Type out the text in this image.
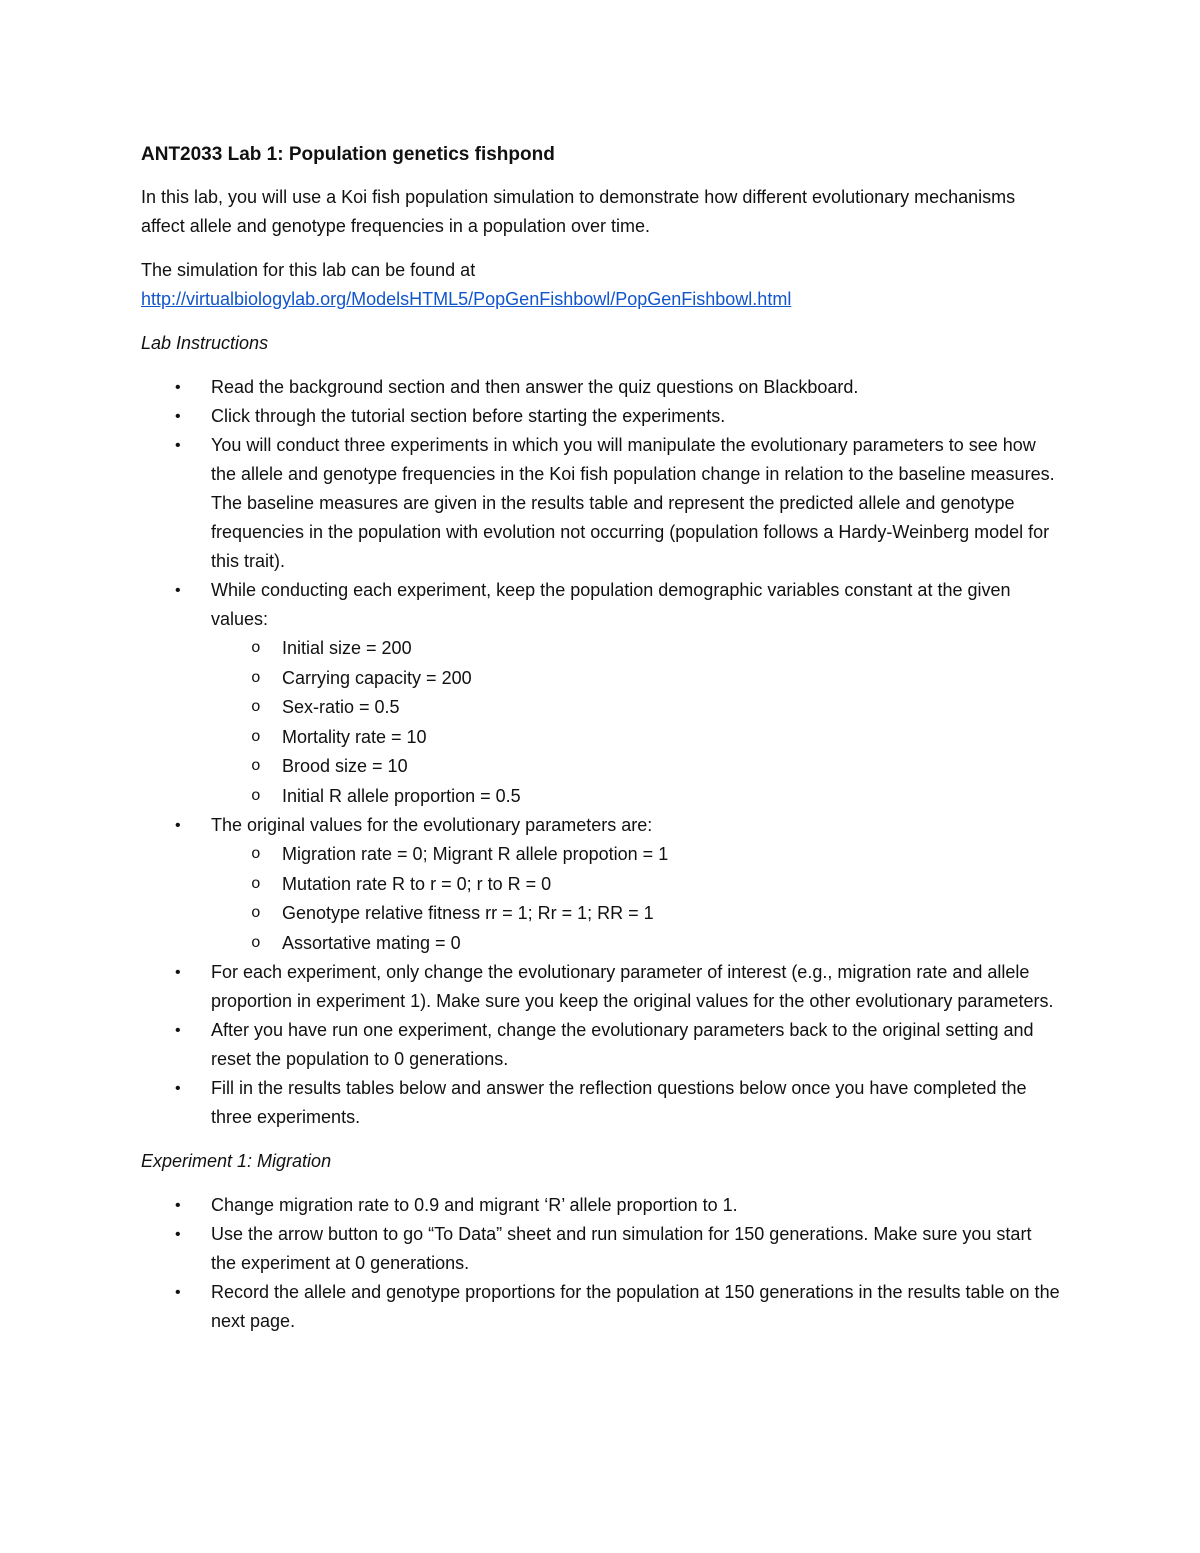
ANT2033 Lab 1: Population genetics fishpond

In this lab, you will use a Koi fish population simulation to demonstrate how different evolutionary mechanisms affect allele and genotype frequencies in a population over time.

The simulation for this lab can be found at
http://virtualbiologylab.org/ModelsHTML5/PopGenFishbowl/PopGenFishbowl.html

Lab Instructions
• Read the background section and then answer the quiz questions on Blackboard.
• Click through the tutorial section before starting the experiments.
• You will conduct three experiments in which you will manipulate the evolutionary parameters to see how the allele and genotype frequencies in the Koi fish population change in relation to the baseline measures. The baseline measures are given in the results table and represent the predicted allele and genotype frequencies in the population with evolution not occurring (population follows a Hardy-Weinberg model for this trait).
• While conducting each experiment, keep the population demographic variables constant at the given values:
o Initial size = 200
o Carrying capacity = 200
o Sex-ratio = 0.5
o Mortality rate = 10
o Brood size = 10
o Initial R allele proportion = 0.5
• The original values for the evolutionary parameters are:
o Migration rate = 0; Migrant R allele propotion = 1
o Mutation rate R to r = 0; r to R = 0
o Genotype relative fitness rr = 1; Rr = 1; RR = 1
o Assortative mating = 0
• For each experiment, only change the evolutionary parameter of interest (e.g., migration rate and allele proportion in experiment 1). Make sure you keep the original values for the other evolutionary parameters.
• After you have run one experiment, change the evolutionary parameters back to the original setting and reset the population to 0 generations.
• Fill in the results tables below and answer the reflection questions below once you have completed the three experiments.
Experiment 1: Migration
• Change migration rate to 0.9 and migrant ‘R’ allele proportion to 1.
• Use the arrow button to go “To Data” sheet and run simulation for 150 generations. Make sure you start the experiment at 0 generations.
• Record the allele and genotype proportions for the population at 150 generations in the results table on the next page.
